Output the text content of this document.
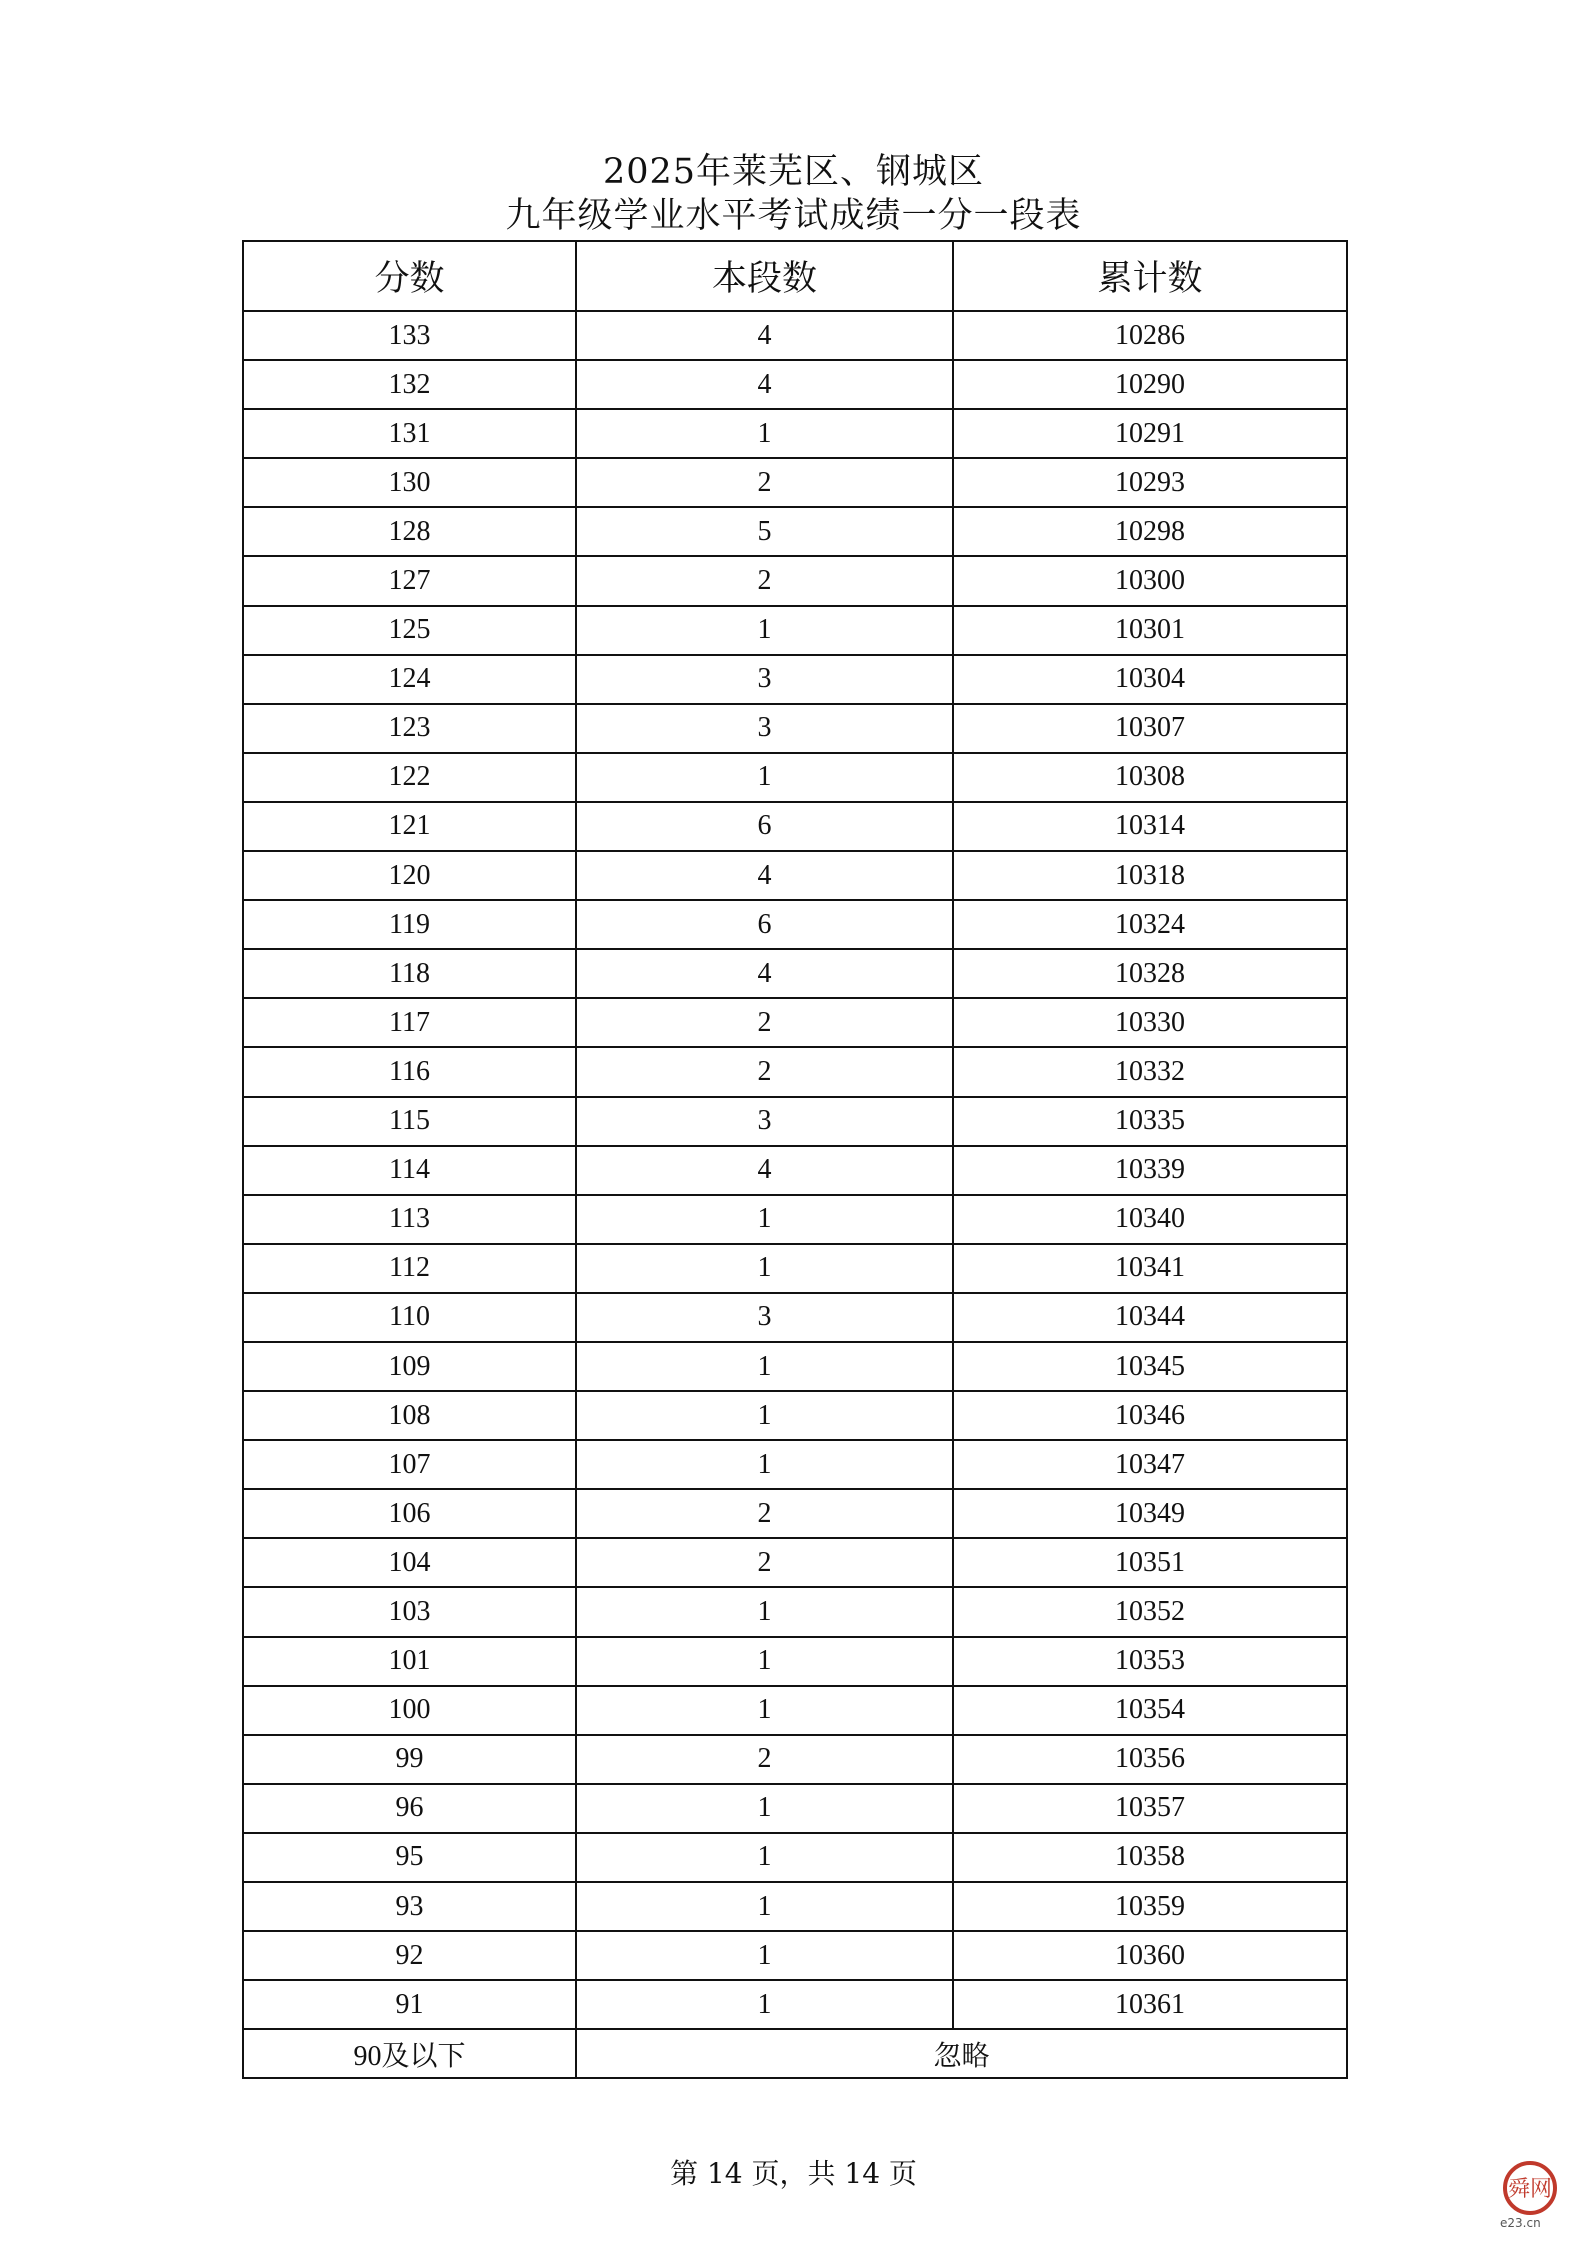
2025年莱芜区、钢城区
九年级学业水平考试成绩一分一段表
分数	本段数	累计数
133	4	10286
132	4	10290
131	1	10291
130	2	10293
128	5	10298
127	2	10300
125	1	10301
124	3	10304
123	3	10307
122	1	10308
121	6	10314
120	4	10318
119	6	10324
118	4	10328
117	2	10330
116	2	10332
115	3	10335
114	4	10339
113	1	10340
112	1	10341
110	3	10344
109	1	10345
108	1	10346
107	1	10347
106	2	10349
104	2	10351
103	1	10352
101	1	10353
100	1	10354
99	2	10356
96	1	10357
95	1	10358
93	1	10359
92	1	10360
91	1	10361
90及以下	忽略	
第 14 页，共 14 页	舜网
e23.cn
